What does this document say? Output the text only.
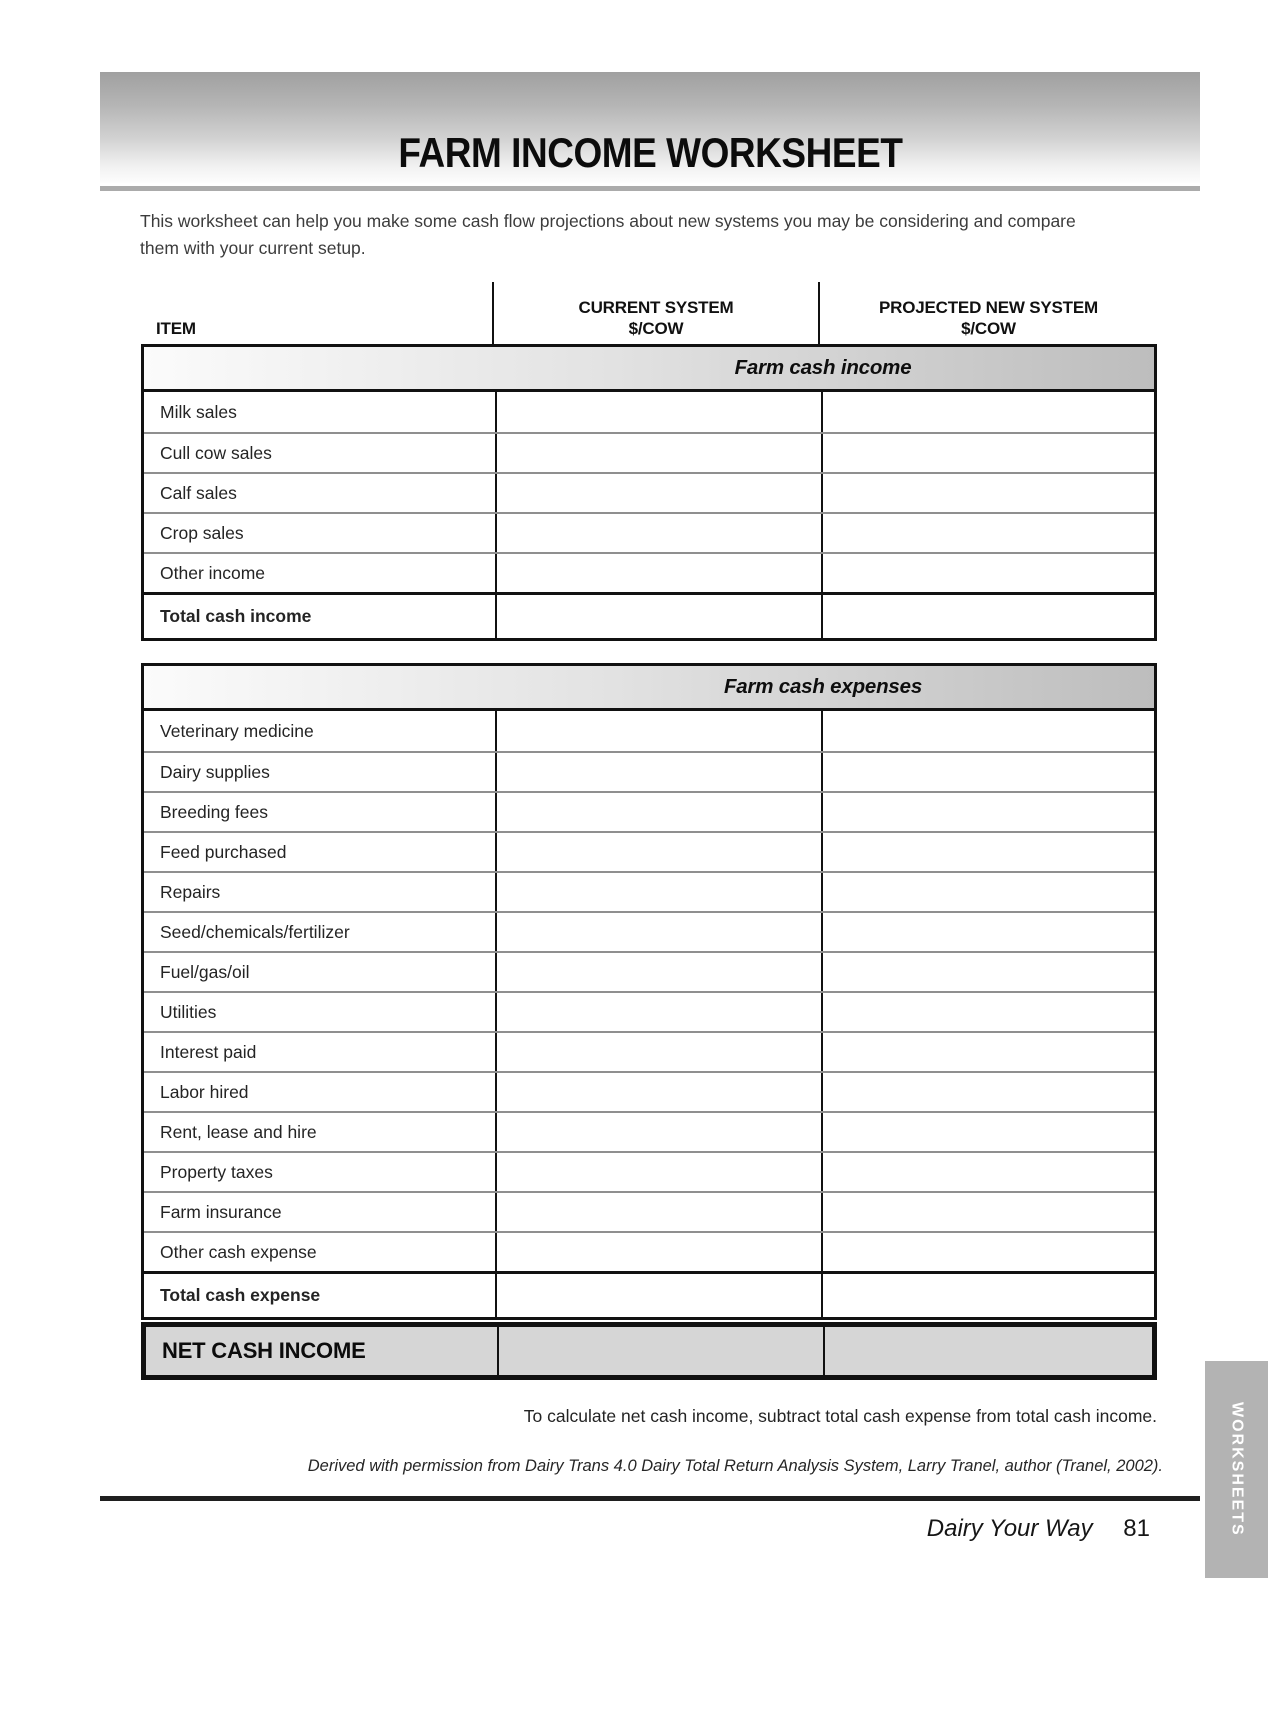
FARM INCOME WORKSHEET
This worksheet can help you make some cash flow projections about new systems you may be considering and compare them with your current setup.
ITEM
CURRENT SYSTEM
$/COW
PROJECTED NEW SYSTEM
$/COW
Farm cash income
Milk sales
Cull cow sales
Calf sales
Crop sales
Other income
Total cash income
Farm cash expenses
Veterinary medicine
Dairy supplies
Breeding fees
Feed purchased
Repairs
Seed/chemicals/fertilizer
Fuel/gas/oil
Utilities
Interest paid
Labor hired
Rent, lease and hire
Property taxes
Farm insurance
Other cash expense
Total cash expense
NET CASH INCOME
To calculate net cash income, subtract total cash expense from total cash income.
Derived with permission from Dairy Trans 4.0 Dairy Total Return Analysis System, Larry Tranel, author (Tranel, 2002).
Dairy Your Way 81	WORKSHEETS
